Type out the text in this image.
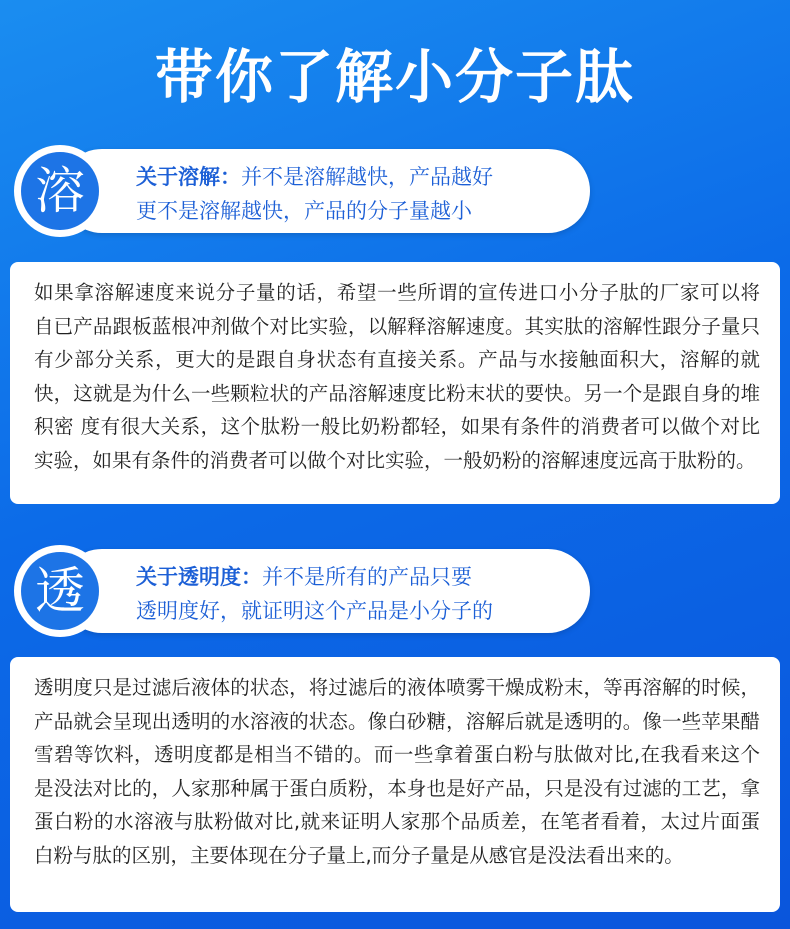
带你了解小分子肽
关于溶解：并不是溶解越快，产品越好
更不是溶解越快，产品的分子量越小
溶

如果拿溶解速度来说分子量的话，希望一些所谓的宣传进口小分子肽的厂家可以将 自已产品跟板蓝根冲剂做个对比实验，以解释溶解速度。其实肽的溶解性跟分子量只有少部分关系，更大的是跟自身状态有直接关系。产品与水接触面积大，溶解的就快，这就是为什么一些颗粒状的产品溶解速度比粉末状的要快。另一个是跟自身的堆积密 度有很大关系，这个肽粉一般比奶粉都轻，如果有条件的消费者可以做个对比实验，如果有条件的消费者可以做个对比实验，一般奶粉的溶解速度远高于肽粉的。

关于透明度：并不是所有的产品只要
透明度好，就证明这个产品是小分子的
透

透明度只是过滤后液体的状态，将过滤后的液体喷雾干燥成粉末，等再溶解的时候，产品就会呈现出透明的水溶液的状态。像白砂糖，溶解后就是透明的。像一些苹果醋 雪碧等饮料，透明度都是相当不错的。而一些拿着蛋白粉与肽做对比,在我看来这个 是没法对比的，人家那种属于蛋白质粉，本身也是好产品，只是没有过滤的工艺，拿蛋白粉的水溶液与肽粉做对比,就来证明人家那个品质差，在笔者看着，太过片面蛋白粉与肽的区别，主要体现在分子量上,而分子量是从感官是没法看出来的。
